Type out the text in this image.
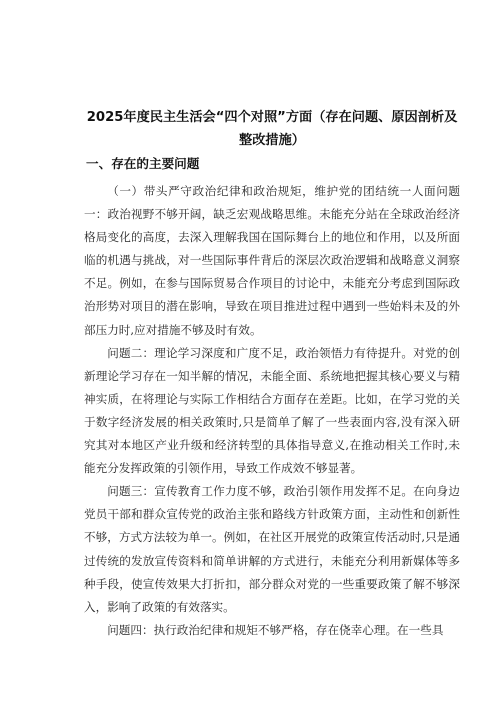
2025年度民主生活会“四个对照”方面（存在问题、原因剖析及整改措施）
一、存在的主要问题

（一）带头严守政治纪律和政治规矩，维护党的团结统一人面问题一：政治视野不够开阔，缺乏宏观战略思维。未能充分站在全球政治经济格局变化的高度，去深入理解我国在国际舞台上的地位和作用，以及所面临的机遇与挑战，对一些国际事件背后的深层次政治逻辑和战略意义洞察不足。例如，在参与国际贸易合作项目的讨论中，未能充分考虑到国际政治形势对项目的潜在影响，导致在项目推进过程中遇到一些始料未及的外部压力时,应对措施不够及时有效。

问题二：理论学习深度和广度不足，政治领悟力有待提升。对党的创新理论学习存在一知半解的情况，未能全面、系统地把握其核心要义与精神实质，在将理论与实际工作相结合方面存在差距。比如，在学习党的关于数字经济发展的相关政策时,只是简单了解了一些表面内容,没有深入研究其对本地区产业升级和经济转型的具体指导意义,在推动相关工作时,未能充分发挥政策的引领作用，导致工作成效不够显著。

问题三：宣传教育工作力度不够，政治引领作用发挥不足。在向身边党员干部和群众宣传党的政治主张和路线方针政策方面，主动性和创新性不够，方式方法较为单一。例如，在社区开展党的政策宣传活动时,只是通过传统的发放宣传资料和简单讲解的方式进行，未能充分利用新媒体等多种手段，使宣传效果大打折扣，部分群众对党的一些重要政策了解不够深入，影响了政策的有效落实。

问题四：执行政治纪律和规矩不够严格，存在侥幸心理。在一些具
